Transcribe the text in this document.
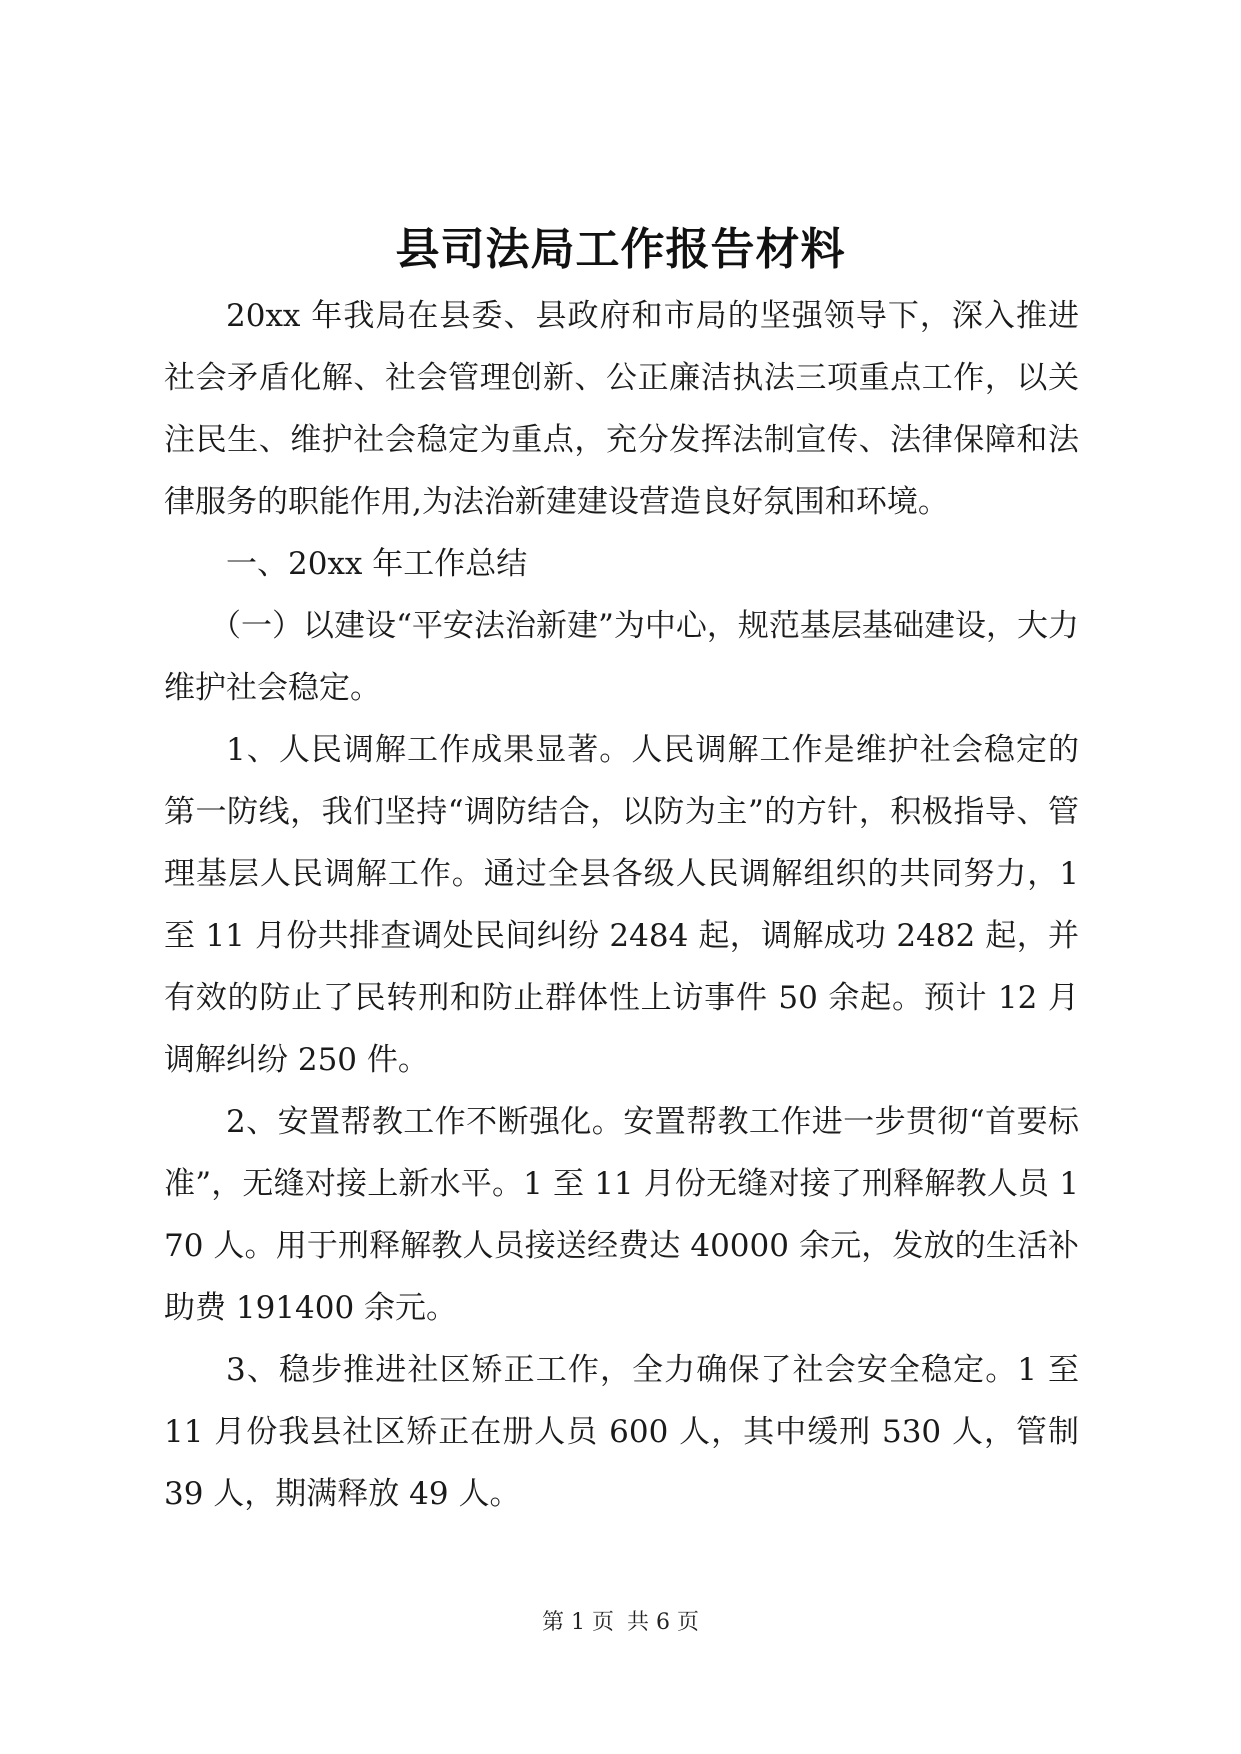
县司法局工作报告材料

20xx 年我局在县委、县政府和市局的坚强领导下，深入推进社会矛盾化解、社会管理创新、公正廉洁执法三项重点工作，以关注民生、维护社会稳定为重点，充分发挥法制宣传、法律保障和法律服务的职能作用,为法治新建建设营造良好氛围和环境。

一、20xx 年工作总结

（一）以建设“平安法治新建”为中心，规范基层基础建设，大力维护社会稳定。

1、人民调解工作成果显著。人民调解工作是维护社会稳定的第一防线，我们坚持“调防结合，以防为主”的方针，积极指导、管理基层人民调解工作。通过全县各级人民调解组织的共同努力，1 至 11 月份共排查调处民间纠纷 2484 起，调解成功 2482 起，并有效的防止了民转刑和防止群体性上访事件 50 余起。预计 12 月调解纠纷 250 件。

2、安置帮教工作不断强化。安置帮教工作进一步贯彻“首要标准”，无缝对接上新水平。1 至 11 月份无缝对接了刑释解教人员 170 人。用于刑释解教人员接送经费达 40000 余元，发放的生活补助费 191400 余元。

3、稳步推进社区矫正工作，全力确保了社会安全稳定。1 至 11 月份我县社区矫正在册人员 600 人，其中缓刑 530 人，管制 39 人，期满释放 49 人。

第 1 页 共 6 页
